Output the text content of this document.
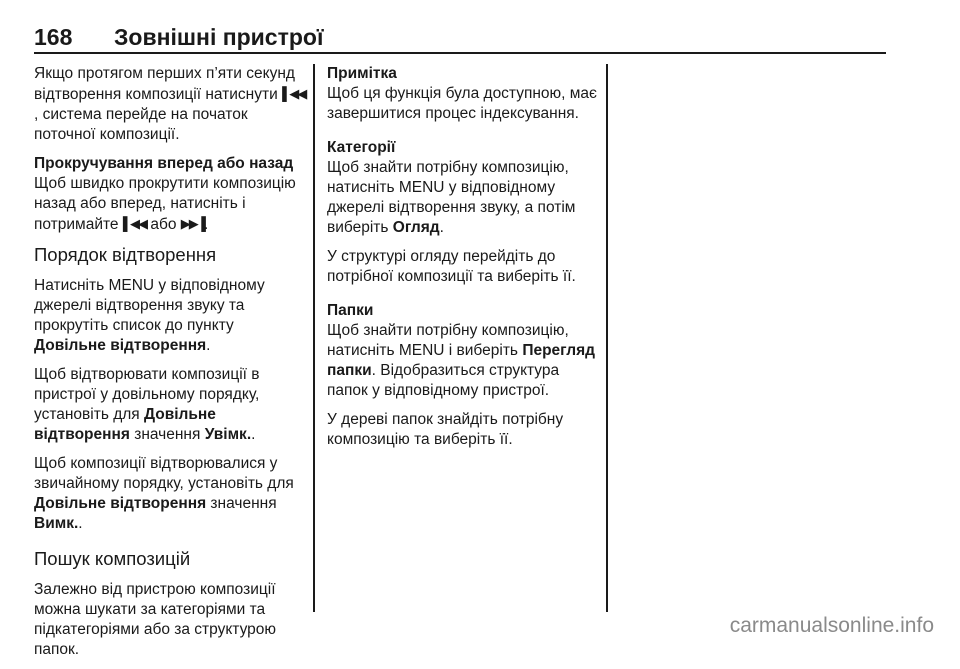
168 Зовнішні пристрої

Якщо протягом перших п’яти секунд відтворення композиції натиснути ▌◀◀, система перейде на початок поточної композиції.

Прокручування вперед або назад

Щоб швидко прокрутити композицію назад або вперед, натисніть і потримайте ▌◀◀ або ▶▶▐.

Порядок відтворення

Натисніть MENU у відповідному джерелі відтворення звуку та прокрутіть список до пункту Довільне відтворення.

Щоб відтворювати композиції в пристрої у довільному порядку, установіть для Довільне відтворення значення Увімк..

Щоб композиції відтворювалися у звичайному порядку, установіть для Довільне відтворення значення Вимк..

Пошук композицій

Залежно від пристрою композиції можна шукати за категоріями та підкатегоріями або за структурою папок.

Примітка

Щоб ця функція була доступною, має завершитися процес індексування.

Категорії

Щоб знайти потрібну композицію, натисніть MENU у відповідному джерелі відтворення звуку, а потім виберіть Огляд.

У структурі огляду перейдіть до потрібної композиції та виберіть її.

Папки

Щоб знайти потрібну композицію, натисніть MENU і виберіть Перегляд папки. Відобразиться структура папок у відповідному пристрої.

У дереві папок знайдіть потрібну композицію та виберіть її.

carmanualsonline.info
